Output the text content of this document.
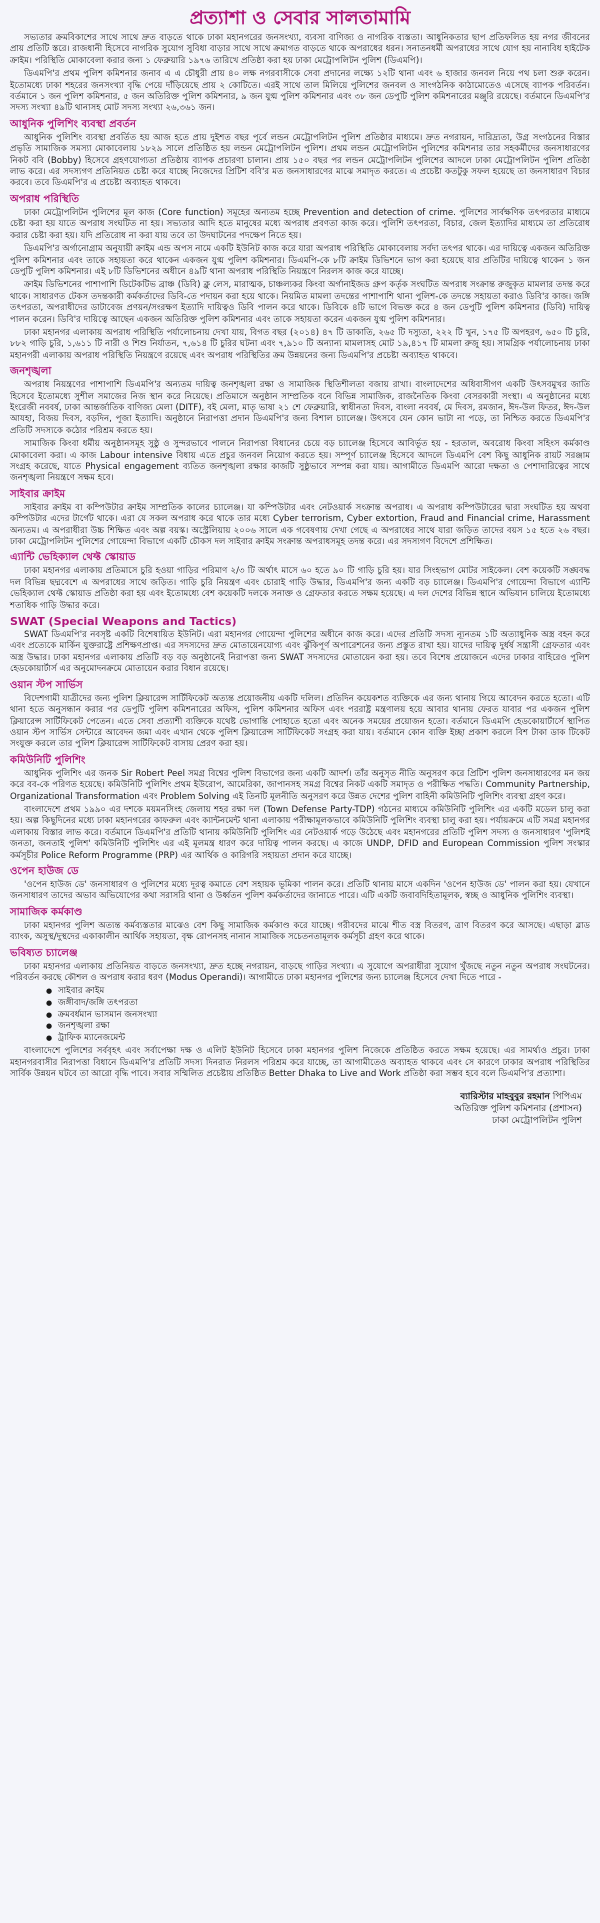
প্রত্যাশা ও সেবার সালতামামি

সভ্যতার ক্রমবিকাশের সাথে সাথে দ্রুত বাড়তে থাকে ঢাকা মহানগরের জনসংখ্যা, ব্যবসা বাণিজ্য ও নাগরিক ব্যস্ততা। আধুনিকতার ছাপ প্রতিফলিত হয় নগর জীবনের প্রায় প্রতিটি স্তরে। রাজধানী হিসেবে নাগরিক সুযোগ সুবিধা বাড়ার সাথে সাথে ক্রমাগত বাড়তে থাকে অপরাধের ধরন। সনাতনধর্মী অপরাধের সাথে যোগ হয় নানাবিধ হাইটেক ক্রাইম। পরিস্থিতি মোকাবেলা করার জন্য ১ ফেব্রুয়ারি ১৯৭৬ তারিখে প্রতিষ্ঠা করা হয় ঢাকা মেট্রোপলিটন পুলিশ (ডিএমপি)।

ডিএমপি'র প্রথম পুলিশ কমিশনার জনাব এ এ চৌধুরী প্রায় ৪০ লক্ষ নগরবাসীকে সেবা প্রদানের লক্ষ্যে ১২টি থানা এবং ৬ হাজার জনবল নিয়ে পথ চলা শুরু করেন। ইতোমধ্যে ঢাকা শহরের জনসংখ্যা বৃদ্ধি পেয়ে দাঁড়িয়েছে প্রায় ২ কোটিতে। এরই সাথে তাল মিলিয়ে পুলিশের জনবল ও সাংগঠনিক কাঠামোতেও এসেছে ব্যাপক পরিবর্তন। বর্তমানে ১ জন পুলিশ কমিশনার, ৫ জন অতিরিক্ত পুলিশ কমিশনার, ৯ জন যুগ্ম পুলিশ কমিশনার এবং ৩৮ জন ডেপুটি পুলিশ কমিশনারের মঞ্জুরি রয়েছে। বর্তমানে ডিএমপি'র সদস্য সংখ্যা ৪৯টি থানাসহ মোট সদস্য সংখ্যা ২৬,৩৬১ জন।

আধুনিক পুলিশিং ব্যবস্থা প্রবর্তন

আধুনিক পুলিশিং ব্যবস্থা প্রবর্তিত হয় আজ হতে প্রায় দুইশত বছর পূর্বে লন্ডন মেট্রোপলিটন পুলিশ প্রতিষ্ঠার মাধ্যমে। দ্রুত নগরায়ন, দারিদ্র্যতা, উগ্র সংগঠনের বিস্তার প্রভৃতি সামাজিক সমস্যা মোকাবেলায় ১৮২৯ সালে প্রতিষ্ঠিত হয় লন্ডন মেট্রোপলিটন পুলিশ। প্রথম লন্ডন মেট্রোপলিটন পুলিশের কমিশনার তার সহকর্মীদের জনসাধারণের নিকট ববি (Bobby) হিসেবে গ্রহণযোগ্যতা প্রতিষ্ঠায় ব্যাপক প্রচারণা চালান। প্রায় ১৫০ বছর পর লন্ডন মেট্রোপলিটন পুলিশের আদলে ঢাকা মেট্রোপলিটন পুলিশ প্রতিষ্ঠা লাভ করে। এর সদস্যগণ প্রতিনিয়ত চেষ্টা করে যাচ্ছে নিজেদের প্রিটিশ ববি'র মত জনসাধারণের মাঝে সমাদৃত করতে। এ প্রচেষ্টা কতটুকু সফল হয়েছে তা জনসাধারণ বিচার করবে। তবে ডিএমপি'র এ প্রচেষ্টা অব্যাহত থাকবে।

অপরাধ পরিস্থিতি

ঢাকা মেট্রোপলিটন পুলিশের মূল কাজ (Core function) সমূহের অন্যতম হচ্ছে Prevention and detection of crime. পুলিশের সার্বক্ষণিক তৎপরতার মাধ্যমে চেষ্টা করা হয় যাতে অপরাধ সংঘটিত না হয়। সভ্যতার আদি হতে মানুষের মধ্যে অপরাধ প্রবণতা কাজ করে। পুলিশি তৎপরতা, বিচার, জেল ইত্যাদির মাধ্যমে তা প্রতিরোধ করার চেষ্টা করা হয়। যদি প্রতিরোধ না করা যায় তবে তা উদঘাটনের পদক্ষেপ নিতে হয়।

ডিএমপি'র অর্গানোগ্রাম অনুযায়ী ক্রাইম এন্ড অপস নামে একটি ইউনিট কাজ করে যারা অপরাধ পরিস্থিতি মোকাবেলায় সর্বদা তৎপর থাকে। এর দায়িত্বে একজন অতিরিক্ত পুলিশ কমিশনার এবং তাকে সহায়তা করে থাকেন একজন যুগ্ম পুলিশ কমিশনার। ডিএমপি-কে ৮টি ক্রাইম ডিভিশনে ভাগ করা হয়েছে যার প্রতিটির দায়িত্বে থাকেন ১ জন ডেপুটি পুলিশ কমিশনার। এই ৮টি ডিভিশনের অধীনে ৪৯টি থানা অপরাধ পরিস্থিতি নিয়ন্ত্রণে নিরলস কাজ করে যাচ্ছে।

ক্রাইম ডিভিশনের পাশাপাশি ডিটেকটিভ ব্রাঞ্চ (ডিবি) ক্লু লেস, মারাত্মক, চাঞ্চল্যকর কিংবা অর্গানাইজড গ্রুপ কর্তৃক সংঘটিত অপরাধ সংক্রান্ত রুজুকৃত মামলার তদন্ত করে থাকে। সাধারণত টেকস তদন্তকারী কর্মকর্তাদের ডিবি-তে পদায়ন করা হয়ে থাকে। নিয়মিত মামলা তদন্তের পাশাপাশি থানা পুলিশ-কে তদন্তে সহায়তা করাও ডিবি'র কাজ। জঙ্গি তৎপরতা, অপরাধীদের ডাটাবেজ প্রণয়ন/সংরক্ষণ ইত্যাদি দায়িত্বও ডিবি পালন করে থাকে। ডিবিকে ৪টি ভাগে বিভক্ত করে ৪ জন ডেপুটি পুলিশ কমিশনার (ডিবি) দায়িত্ব পালন করেন। ডিবি'র দায়িত্বে আছেন একজন অতিরিক্ত পুলিশ কমিশনার এবং তাকে সহায়তা করেন একজন যুগ্ম পুলিশ কমিশনার।

ঢাকা মহানগর এলাকায় অপরাধ পরিস্থিতি পর্যালোচনায় দেখা যায়, বিগত বছর (২০১৪) ৪৭ টি ডাকাতি, ২৬৫ টি দস্যুতা, ২২২ টি খুন, ১৭৫ টি অপহরণ, ৬৫০ টি চুরি, ৮৮২ গাড়ি চুরি, ১,৬১১ টি নারী ও শিশু নির্যাতন, ৭,৬১৪ টি চুরির ঘটনা এবং ৭,৯১০ টি অন্যান্য মামলাসহ মোট ১৯,৪১৭ টি মামলা রুজু হয়। সামগ্রিক পর্যালোচনায় ঢাকা মহানগরী এলাকায় অপরাধ পরিস্থিতি নিয়ন্ত্রণে রয়েছে এবং অপরাধ পরিস্থিতির ক্রম উন্নয়নের জন্য ডিএমপি'র প্রচেষ্টা অব্যাহত থাকবে।

জনশৃঙ্খলা

অপরাধ নিয়ন্ত্রণের পাশাপাশি ডিএমপি'র অন্যতম দায়িত্ব জনশৃঙ্খলা রক্ষা ও সামাজিক স্থিতিশীলতা বজায় রাখা। বাংলাদেশের অধিবাসীগণ একটি উৎসবমুখর জাতি হিসেবে ইতোমধ্যে সুশীল সমাজের নিজ স্থান করে নিয়েছে। প্রতিমাসে অনুষ্ঠান সাম্প্রতিক বনে বিভিন্ন সামাজিক, রাজনৈতিক কিংবা বেসরকারী সংস্থা। এ অনুষ্ঠানের মধ্যে ইংরেজী নববর্ষ, ঢাকা আন্তর্জাতিক বাণিজ্য মেলা (DITF), বই মেলা, মাতৃ ভাষা ২১ শে ফেব্রুয়ারি, স্বাধীনতা দিবস, বাংলা নববর্ষ, মে দিবস, রমজান, ঈদ-উল ফিতর, ঈদ-উল আযহা, বিজয় দিবস, বড়দিন, পূজা ইত্যাদি। অনুষ্ঠানে নিরাপত্তা প্রদান ডিএমপি'র জন্য বিশাল চ্যালেঞ্জ। উৎসবে যেন কোন ভাটা না পড়ে, তা নিশ্চিত করতে ডিএমপি'র প্রতিটি সদস্যকে কঠোর পরিশ্রম করতে হয়।

সামাজিক কিংবা ধর্মীয় অনুষ্ঠানসমূহ সুষ্ঠু ও সুন্দরভাবে পালনে নিরাপত্তা বিধানের চেয়ে বড় চ্যালেঞ্জ হিসেবে আবির্ভূত হয় - হরতাল, অবরোধ কিংবা সহিংস কর্মকাণ্ড মোকাবেলা করা। এ কাজ Labour intensive বিধায় এতে প্রচুর জনবল নিয়োগ করতে হয়। সম্পূর্ণ চ্যালেঞ্জ হিসেবে আদলে ডিএমপি বেশ কিছু আধুনিক রায়ট সরঞ্জাম সংগ্রহ করেছে, যাতে Physical engagement ব্যতিত জনশৃঙ্খলা রক্ষার কাজটি সুষ্ঠুভাবে সম্পন্ন করা যায়। আগামীতে ডিএমপি আরো দক্ষতা ও পেশাদারিত্বের সাথে জনশৃঙ্খলা নিয়ন্ত্রণে সক্ষম হবে।

সাইবার ক্রাইম

সাইবার ক্রাইম বা কম্পিউটার ক্রাইম সাম্প্রতিক কালের চ্যালেঞ্জ। যা কম্পিউটার এবং নেটওয়ার্ক সংক্রান্ত অপরাধ। এ অপরাধ কম্পিউটারের দ্বারা সংঘটিত হয় অথবা কম্পিউটার এদের টার্গেট থাকে। এরা যে সকল অপরাধ করে থাকে তার মধ্যে Cyber terrorism, Cyber extortion, Fraud and Financial crime, Harassment অন্যতম। এ অপরাধীরা উচ্চ শিক্ষিত এবং অল্প বয়স্ক। অস্ট্রেলিয়ায় ২০০৬ সালে এক গবেষণায় দেখা গেছে এ অপরাধের সাথে যারা জড়িত তাদের বয়স ১৫ হতে ২৬ বছর। ঢাকা মেট্রোপলিটন পুলিশের গোয়েন্দা বিভাগে একটি চৌকস দল সাইবার ক্রাইম সংক্রান্ত অপরাধসমূহ তদন্ত করে। এর সদস্যগণ বিদেশে প্রশিক্ষিত।

এ্যান্টি ভেহিক্যাল থেফ্ট স্কোয়াড

ঢাকা মহানগর এলাকায় প্রতিমাসে চুরি হওয়া গাড়ির পরিমাণ ২/৩ টি অর্থাৎ মাসে ৬০ হতে ৯০ টি গাড়ি চুরি হয়। যার সিংহভাগ মোটর সাইকেল। বেশ কয়েকটি সঙ্ঘবদ্ধ দল বিভিন্ন ছদ্মবেশে এ অপরাধের সাথে জড়িত। গাড়ি চুরি নিয়ন্ত্রণ এবং চোরাই গাড়ি উদ্ধার, ডিএমপি'র জন্য একটি বড় চ্যালেঞ্জ। ডিএমপি'র গোয়েন্দা বিভাগে এ্যান্টি ভেহিক্যাল থেফ্ট স্কোয়াড প্রতিষ্ঠা করা হয় এবং ইতোমধ্যে বেশ কয়েকটি দলকে সনাক্ত ও গ্রেফতার করতে সক্ষম হয়েছে। এ দল দেশের বিভিন্ন স্থানে অভিযান চালিয়ে ইতোমধ্যে শতাধিক গাড়ি উদ্ধার করে।

SWAT (Special Weapons and Tactics)

SWAT ডিএমপি'র নবসৃষ্ট একটি বিশেষায়িত ইউনিট। এরা মহানগর গোয়েন্দা পুলিশের অধীনে কাজ করে। এদের প্রতিটি সদস্য ন্যূনতম ১টি অত্যাধুনিক অস্ত্র বহন করে এবং প্রত্যেকে মার্কিন যুক্তরাষ্ট্রে প্রশিক্ষণপ্রাপ্ত। এর সদস্যদের দ্রুত মোতায়েনযোগ্য এবং ঝুঁকিপূর্ণ অপারেশনের জন্য প্রস্তুত রাখা হয়। যাদের দায়িত্ব দুর্ধর্ষ সন্ত্রাসী গ্রেফতার এবং অস্ত্র উদ্ধার। ঢাকা মহানগর এলাকায় প্রতিটি বড় বড় অনুষ্ঠানেই নিরাপত্তা জন্য SWAT সদস্যদের মোতায়েন করা হয়। তবে বিশেষ প্রয়োজনে এদের ঢাকার বাহিরেও পুলিশ হেডকোয়ার্টার্স এর অনুমোদনক্রমে মোতায়েন করার বিধান রয়েছে।

ওয়ান স্টপ সার্ভিস

বিদেশগামী যাত্রীদের জন্য পুলিশ ক্লিয়ারেন্স সার্টিফিকেট অত্যন্ত প্রয়োজনীয় একটি দলিল। প্রতিদিন কয়েকশত ব্যক্তিকে এর জন্য থানায় গিয়ে আবেদন করতে হতো। এটি থানা হতে অনুসন্ধান করার পর ডেপুটি পুলিশ কমিশনারের অফিস, পুলিশ কমিশনার অফিস এবং পররাষ্ট্র মন্ত্রণালয় হয়ে আবার থানায় ফেরত যাবার পর একজন পুলিশ ক্লিয়ারেন্স সার্টিফিকেট পেতেন। এতে সেবা প্রত্যাশী ব্যক্তিকে যথেষ্ট ভোগান্তি পোহাতে হতো এবং অনেক সময়ের প্রয়োজন হতো। বর্তমানে ডিএমপি হেডকোয়ার্টার্সে স্থাপিত ওয়ান স্টপ সার্ভিস সেন্টারে আবেদন জমা এবং এখান থেকে পুলিশ ক্লিয়ারেন্স সার্টিফিকেট সংগ্রহ করা যায়। বর্তমানে কোন ব্যক্তি ইচ্ছা প্রকাশ করলে বিশ টাকা ডাক টিকেট সংযুক্ত করলে তার পুলিশ ক্লিয়ারেন্স সার্টিফিকেট বাসায় প্রেরণ করা হয়।

কমিউনিটি পুলিশিং

আধুনিক পুলিশিং এর জনক Sir Robert Peel সমগ্র বিশ্বের পুলিশ বিভাগের জন্য একটি আদর্শ। তাঁর অনুসৃত নীতি অনুসরণ করে প্রিটিশ পুলিশ জনসাধারণের মন জয় করে বব-কে পরিণত হয়েছে। কমিউনিটি পুলিশিং প্রথম ইউরোপ, আমেরিকা, জাপানসহ সমগ্র বিশ্বের নিকট একটি সমাদৃত ও পরীক্ষিত পদ্ধতি। Community Partnership, Organizational Transformation এবং Problem Solving এই তিনটি মূলনীতি অনুসরণ করে উন্নত দেশের পুলিশ বাহিনী কমিউনিটি পুলিশিং ব্যবস্থা গ্রহণ করে।

বাংলাদেশে প্রথম ১৯৯০ এর দশকে ময়মনসিংহ জেলায় শহর রক্ষা দল (Town Defense Party-TDP) গঠনের মাধ্যমে কমিউনিটি পুলিশিং এর একটি মডেল চালু করা হয়। অল্প কিছুদিনের মধ্যে ঢাকা মহানগরের কাফরুল এবং ক্যান্টনমেন্ট থানা এলাকায় পরীক্ষামূলকভাবে কমিউনিটি পুলিশিং ব্যবস্থা চালু করা হয়। পর্যায়ক্রমে এটি সমগ্র মহানগর এলাকায় বিস্তার লাভ করে। বর্তমানে ডিএমপি'র প্রতিটি থানায় কমিউনিটি পুলিশিং এর নেটওয়ার্ক গড়ে উঠেছে এবং মহানগরের প্রতিটি পুলিশ সদস্য ও জনসাধারণ 'পুলিশই জনতা, জনতাই পুলিশ' কমিউনিটি পুলিশিং এর এই মূলমন্ত্র ধারণ করে দায়িত্ব পালন করছে। এ কাজে UNDP, DFID and European Commission পুলিশ সংস্কার কর্মসূচীর Police Reform Programme (PRP) এর আর্থিক ও কারিগরি সহায়তা প্রদান করে যাচ্ছে।

ওপেন হাউজ ডে

'ওপেন হাউজ ডে' জনসাধারণ ও পুলিশের মধ্যে দূরত্ব কমাতে বেশ সহায়ক ভূমিকা পালন করে। প্রতিটি থানায় মাসে একদিন 'ওপেন হাউজ ডে' পালন করা হয়। যেখানে জনসাধারণ তাদের অভাব অভিযোগের কথা সরাসরি থানা ও উর্ধ্বতন পুলিশ কর্মকর্তাদের জানাতে পারে। এটি একটি জবাবদিহিতামূলক, স্বচ্ছ ও আধুনিক পুলিশিং ব্যবস্থা।

সামাজিক কর্মকাণ্ড

ঢাকা মহানগর পুলিশ অত্যন্ত কর্মব্যস্ততার মাঝেও বেশ কিছু সামাজিক কর্মকাণ্ড করে যাচ্ছে। গরীবদের মাঝে শীত বস্ত্র বিতরণ, ত্রাণ বিতরণ করে আসছে। এছাড়া ব্লাড ব্যাংক, অসুস্থ/দুস্থদের একাকালীন আর্থিক সহায়তা, বৃক্ষ রোপনসহ নানান সামাজিক সচেতনতামূলক কর্মসূচী গ্রহণ করে থাকে।

ভবিষ্যত চ্যালেঞ্জ

ঢাকা মহানগর এলাকায় প্রতিনিয়ত বাড়তে জনসংখ্যা, দ্রুত হচ্ছে নগরায়ন, বাড়ছে গাড়ির সংখ্যা। এ সুযোগে অপরাধীরা সুযোগ খুঁজছে নতুন নতুন অপরাধ সংঘটনের। পরিবর্তন করছে কৌশল ও অপরাধ করার ধরণ (Modus Operandi)। আগামীতে ঢাকা মহানগর পুলিশের জন্য চ্যালেঞ্জ হিসেবে দেখা দিতে পারে -

● সাইবার ক্রাইম
● জঙ্গীবাদ/জঙ্গি তৎপরতা
● ক্রমবর্ধমান ভাসমান জনসংখ্যা
● জনশৃঙ্খলা রক্ষা
● ট্রাফিক ম্যানেজমেন্ট

বাংলাদেশে পুলিশের সর্ববৃহৎ এবং সর্বাপেক্ষা দক্ষ ও এলিট ইউনিট হিসেবে ঢাকা মহানগর পুলিশ নিজেকে প্রতিষ্ঠিত করতে সক্ষম হয়েছে। এর সামর্থ্যও প্রচুর। ঢাকা মহানগরবাসীর নিরাপত্তা বিধানে ডিএমপি'র প্রতিটি সদস্য দিনরাত নিরলস পরিশ্রম করে যাচ্ছে, তা আগামীতেও অব্যাহত থাকবে এবং সে কারণে ঢাকার অপরাধ পরিস্থিতির সার্বিক উন্নয়ন ঘটবে তা আরো বৃদ্ধি পাবে। সবার সম্মিলিত প্রচেষ্টায় প্রতিষ্ঠিত Better Dhaka to Live and Work প্রতিষ্ঠা করা সম্ভব হবে বলে ডিএমপি'র প্রত্যাশা।

ব্যারিস্টার মাহবুবুর রহমান পিপিএম
অতিরিক্ত পুলিশ কমিশনার (প্রশাসন)
ঢাকা মেট্রোপলিটন পুলিশ
